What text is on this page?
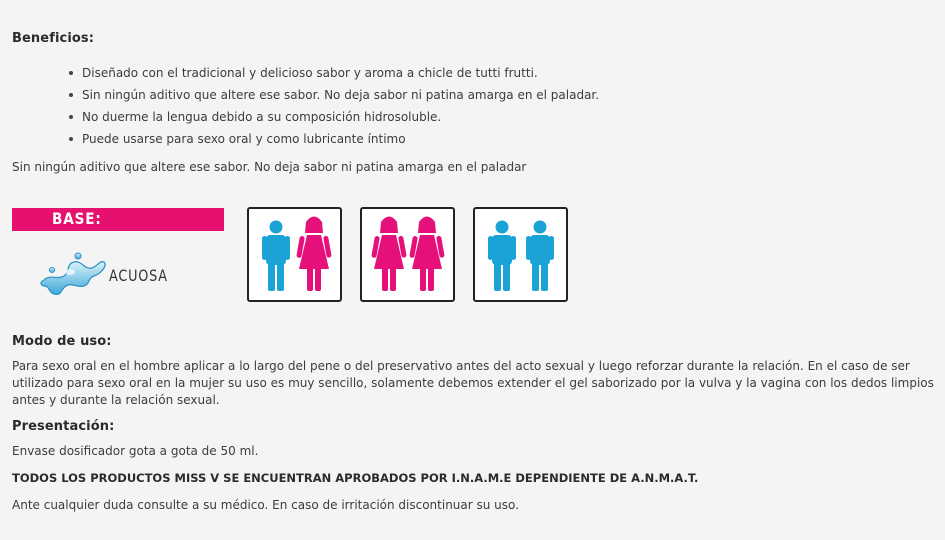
Beneficios:
Diseñado con el tradicional y delicioso sabor y aroma a chicle de tutti frutti.
Sin ningún aditivo que altere ese sabor. No deja sabor ni patina amarga en el paladar.
No duerme la lengua debido a su composición hidrosoluble.
Puede usarse para sexo oral y como lubricante íntimo

Sin ningún aditivo que altere ese sabor. No deja sabor ni patina amarga en el paladar

BASE:
ACUOSA
Modo de uso:

Para sexo oral en el hombre aplicar a lo largo del pene o del preservativo antes del acto sexual y luego reforzar durante la relación. En el caso de ser utilizado para sexo oral en la mujer su uso es muy sencillo, solamente debemos extender el gel saborizado por la vulva y la vagina con los dedos limpios antes y durante la relación sexual.

Presentación:

Envase dosificador gota a gota de 50 ml.

TODOS LOS PRODUCTOS MISS V SE ENCUENTRAN APROBADOS POR I.N.A.M.E DEPENDIENTE DE A.N.M.A.T.

Ante cualquier duda consulte a su médico. En caso de irritación discontinuar su uso.
